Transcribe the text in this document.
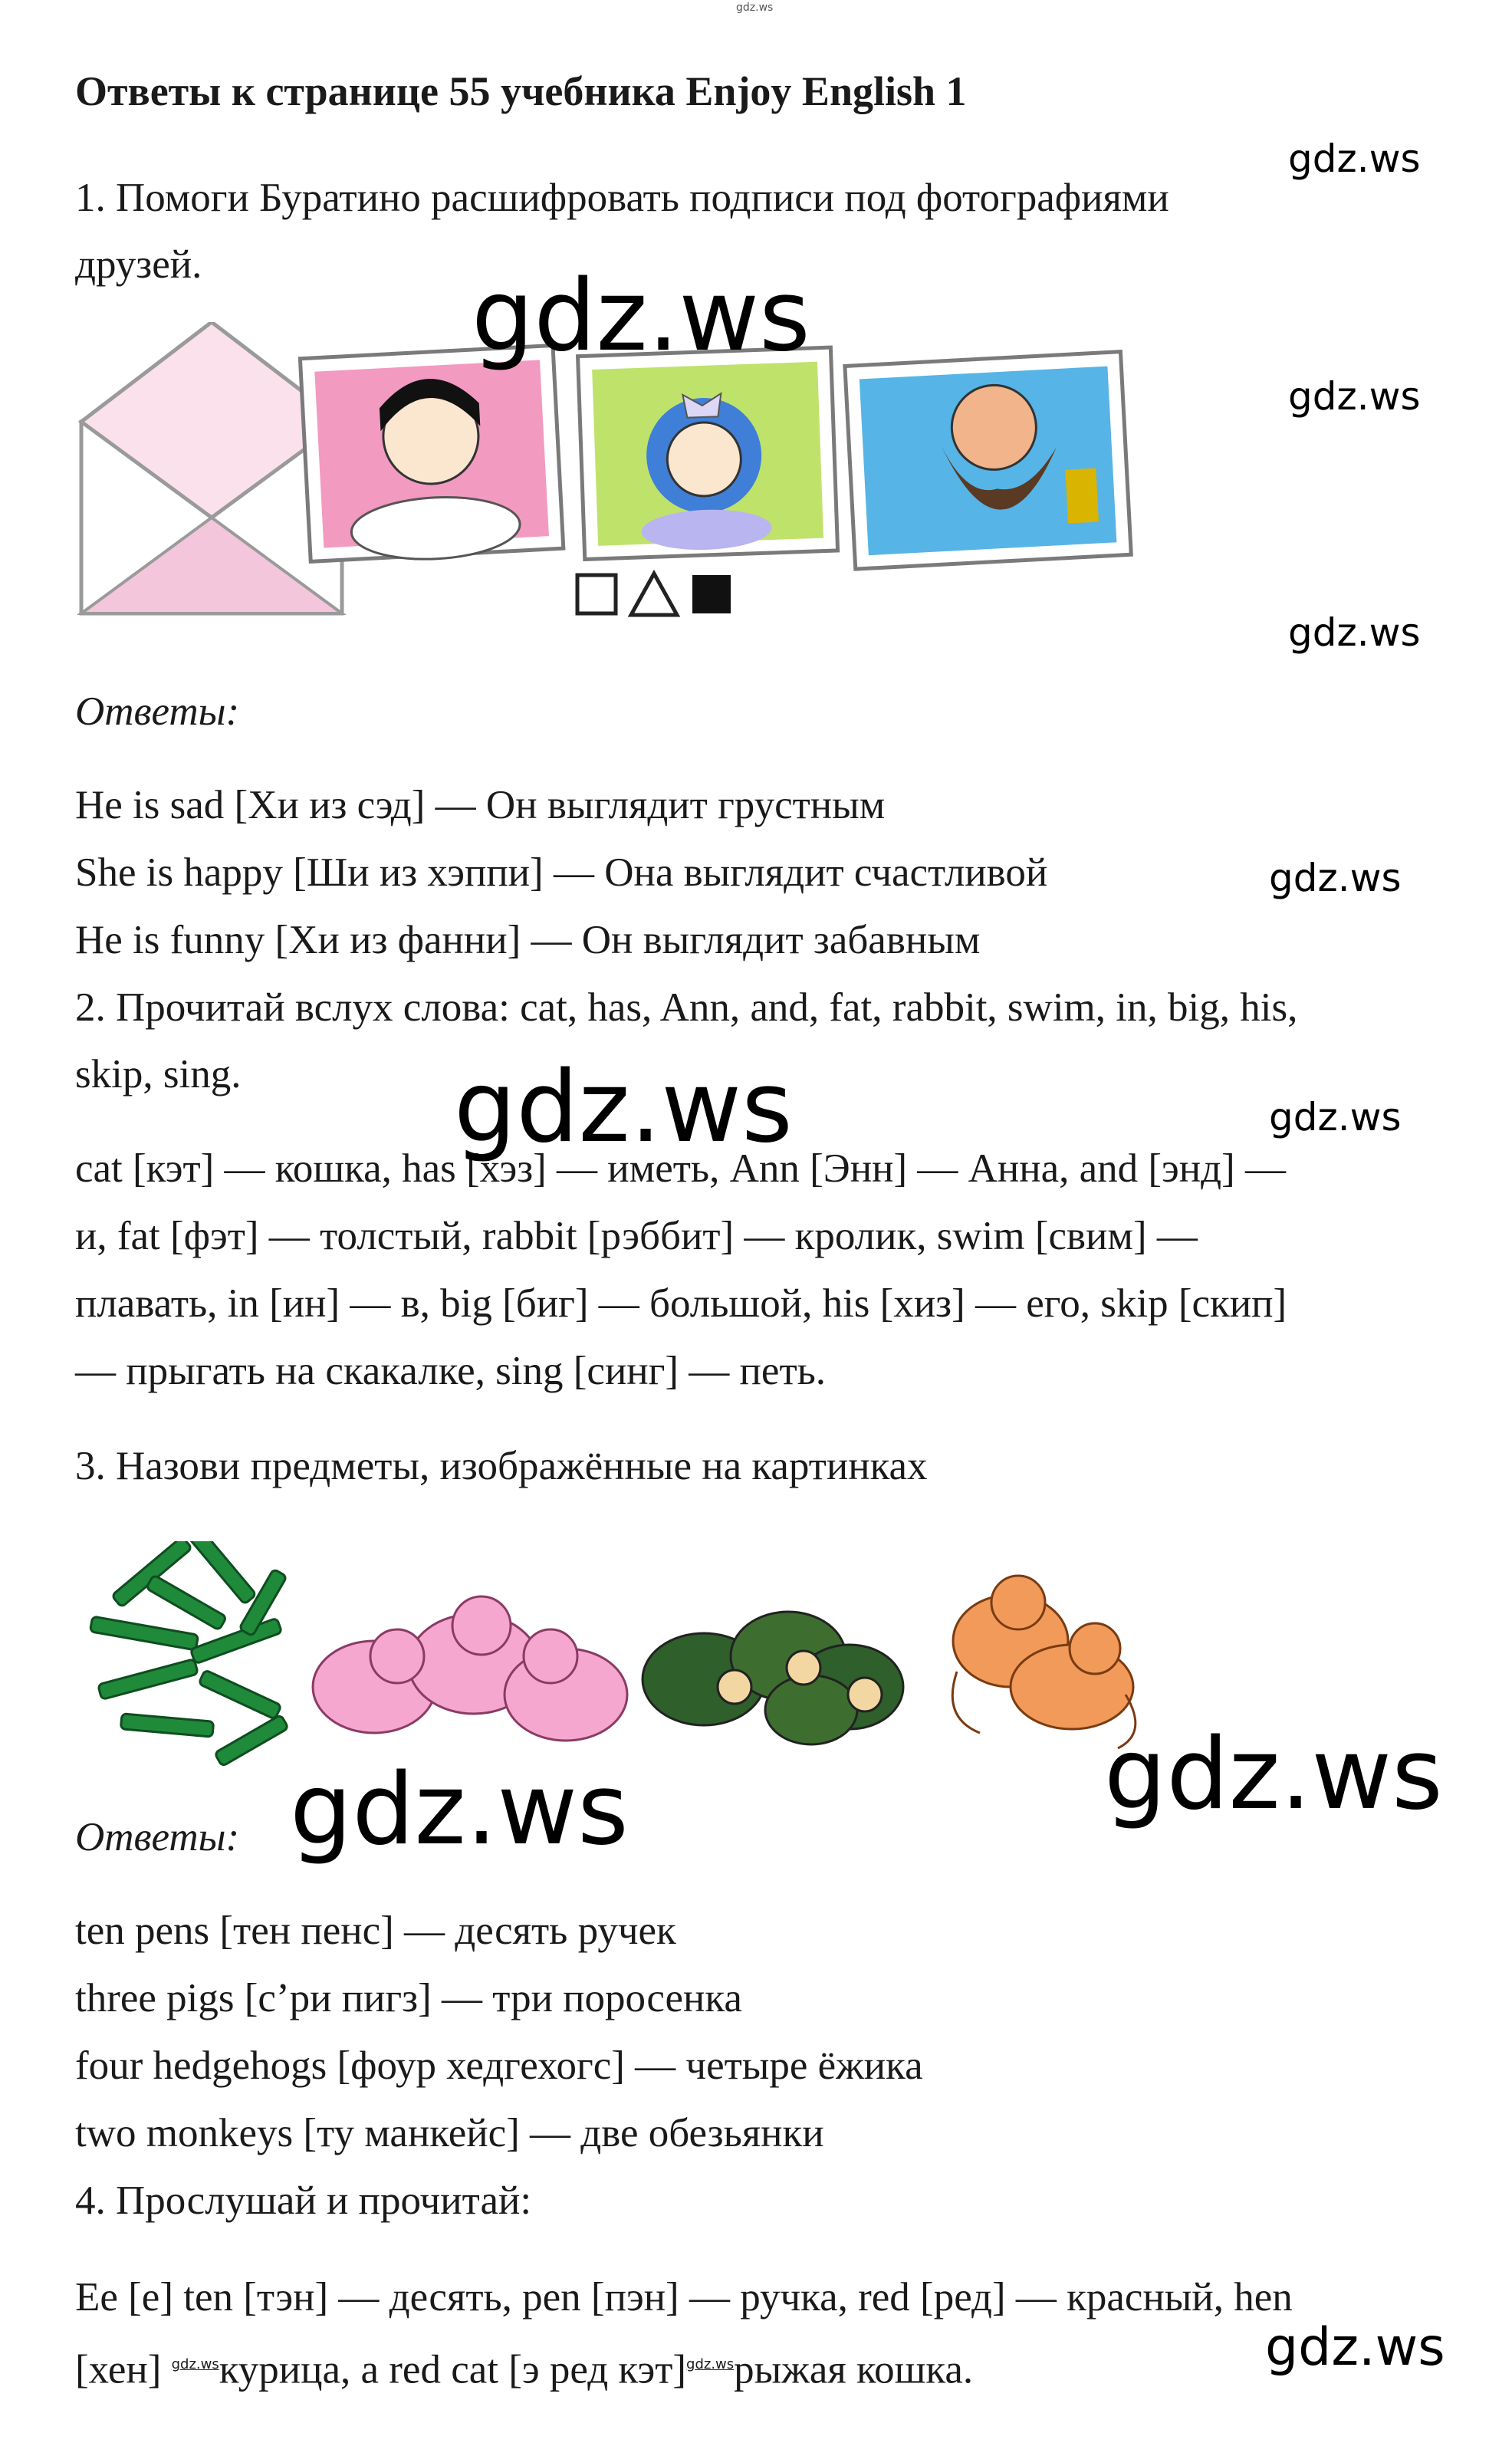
gdz.ws
Ответы к странице 55 учебника Enjoy English 1
1. Помоги Буратино расшифровать подписи под фотографиями
друзей.
Ответы:
He is sad [Хи из сэд] — Он выглядит грустным
She is happy [Ши из хэппи] — Она выглядит счастливой
He is funny [Хи из фанни] — Он выглядит забавным
2. Прочитай вслух слова: cat, has, Ann, and, fat, rabbit, swim, in, big, his,
skip, sing.
cat [кэт] — кошка, has [хэз] — иметь, Ann [Энн] — Анна, and [энд] —
и, fat [фэт] — толстый, rabbit [рэббит] — кролик, swim [свим] —
плавать, in [ин] — в, big [биг] — большой, his [хиз] — его, skip [скип]
— прыгать на скакалке, sing [синг] — петь.
3. Назови предметы, изображённые на картинках
Ответы:
ten pens [тен пенс] — десять ручек
three pigs [с’ри пигз] — три поросенка
four hedgehogs [фоур хедгехогс] — четыре ёжика
two monkeys [ту манкейс] — две обезьянки
4. Прослушай и прочитай:
Ee [e] ten [тэн] — десять, pen [пэн] — ручка, red [ред] — красный, hen
[хен] $^{gdz.ws}$курица, a red cat [э ред кэт]$^{gdz.ws}$рыжая кошка.
gdz.ws
gdz.ws
gdz.ws
gdz.ws
gdz.ws
gdz.ws	gdz.ws
gdz.ws
gdz.ws
gdz.ws
